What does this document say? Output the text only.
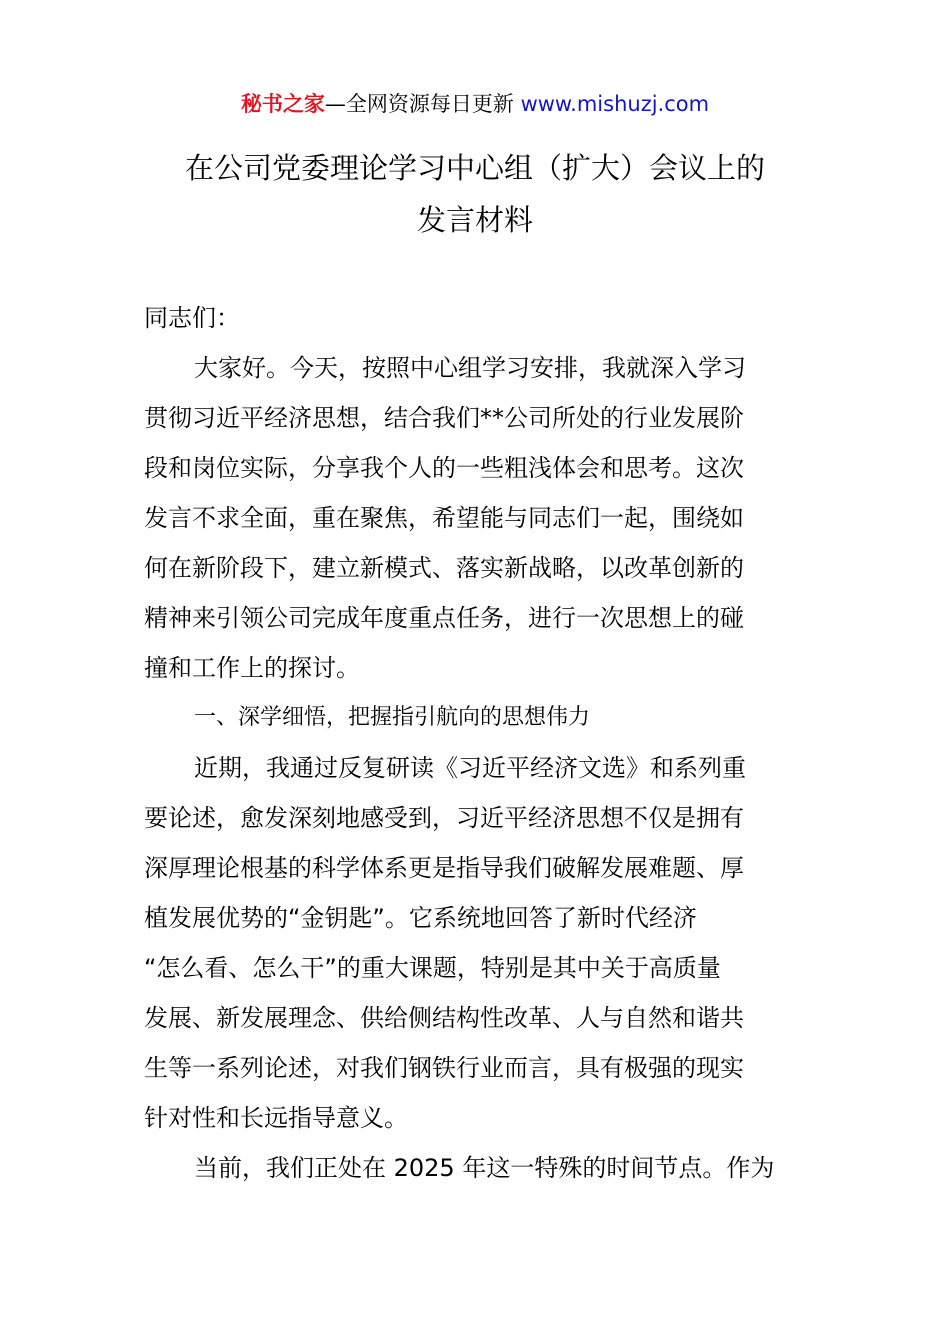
秘书之家—全网资源每日更新 www.mishuzj.com
在公司党委理论学习中心组（扩大）会议上的
发言材料

同志们：

大家好。今天，按照中心组学习安排，我就深入学习

贯彻习近平经济思想，结合我们**公司所处的行业发展阶

段和岗位实际，分享我个人的一些粗浅体会和思考。这次

发言不求全面，重在聚焦，希望能与同志们一起，围绕如

何在新阶段下，建立新模式、落实新战略，以改革创新的

精神来引领公司完成年度重点任务，进行一次思想上的碰

撞和工作上的探讨。

一、深学细悟，把握指引航向的思想伟力

近期，我通过反复研读《习近平经济文选》和系列重

要论述，愈发深刻地感受到，习近平经济思想不仅是拥有

深厚理论根基的科学体系更是指导我们破解发展难题、厚

植发展优势的“金钥匙”。它系统地回答了新时代经济

“怎么看、怎么干”的重大课题，特别是其中关于高质量

发展、新发展理念、供给侧结构性改革、人与自然和谐共

生等一系列论述，对我们钢铁行业而言，具有极强的现实

针对性和长远指导意义。

当前，我们正处在 2025 年这一特殊的时间节点。作为
